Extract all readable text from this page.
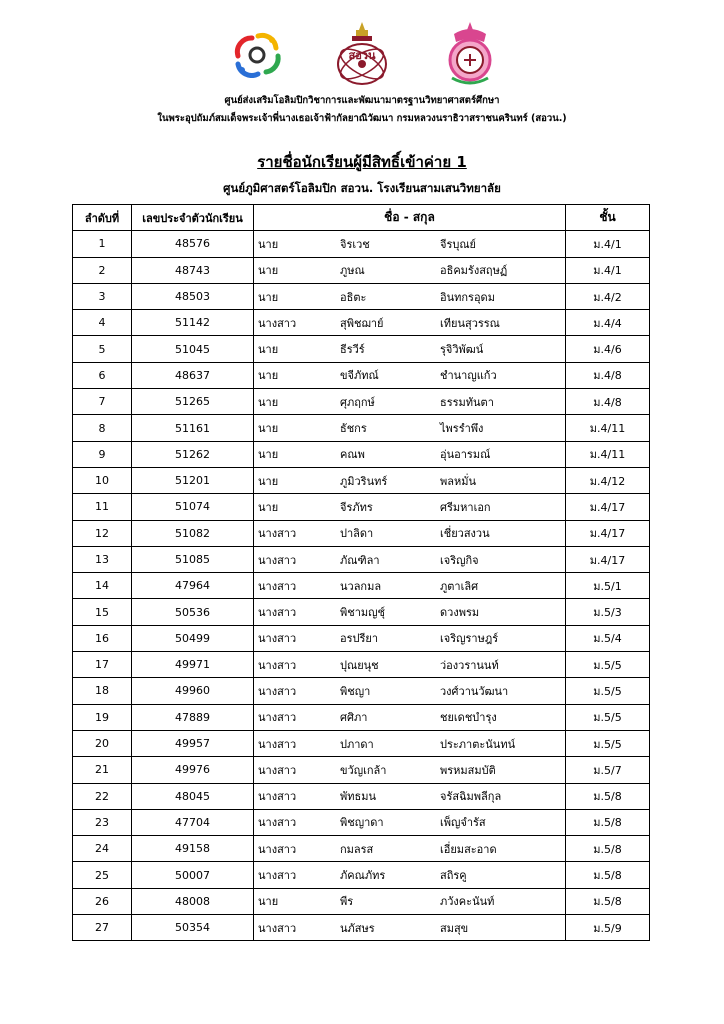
สอวน
ศูนย์ส่งเสริมโอลิมปิกวิชาการและพัฒนามาตรฐานวิทยาศาสตร์ศึกษา
ในพระอุปถัมภ์สมเด็จพระเจ้าพี่นางเธอเจ้าฟ้ากัลยาณิวัฒนา กรมหลวงนราธิวาสราชนครินทร์ (สอวน.)
รายชื่อนักเรียนผู้มีสิทธิ์เข้าค่าย 1
ศูนย์ภูมิศาสตร์โอลิมปิก สอวน. โรงเรียนสามเสนวิทยาลัย
ลำดับที่	เลขประจำตัวนักเรียน	ชื่อ - สกุล	ชั้น
1	48576	นาย จิรเวช จีรบุณย์	ม.4/1
2	48743	นาย ภูษณ อธิคมรังสฤษฏ์	ม.4/1
3	48503	นาย อธิตะ อินทกรอุดม	ม.4/2
4	51142	นางสาว สุพิชฌาย์ เทียนสุวรรณ	ม.4/4
5	51045	นาย ธีรวีร์ รุจิวิพัฒน์	ม.4/6
6	48637	นาย ขจีภัทณ์ ชำนาญแก้ว	ม.4/8
7	51265	นาย ศุภฤกษ์ ธรรมทันตา	ม.4/8
8	51161	นาย ธัชกร ไพรรำพึง	ม.4/11
9	51262	นาย คณพ อุ่นอารมณ์	ม.4/11
10	51201	นาย ภูมิวรินทร์ พลหมั่น	ม.4/12
11	51074	นาย จีรภัทร ศรีมหาเอก	ม.4/17
12	51082	นางสาว ปาลิดา เชี่ยวสงวน	ม.4/17
13	51085	นางสาว ภัณฑิลา เจริญกิจ	ม.4/17
14	47964	นางสาว นวลกมล ภูตาเลิศ	ม.5/1
15	50536	นางสาว พิชามญชุ์ ดวงพรม	ม.5/3
16	50499	นางสาว อรปรียา เจริญราษฎร์	ม.5/4
17	49971	นางสาว ปุณยนุช ว่องวรานนท์	ม.5/5
18	49960	นางสาว พิชญา วงศ์วานวัฒนา	ม.5/5
19	47889	นางสาว ศศิภา ชยเดชบำรุง	ม.5/5
20	49957	นางสาว ปภาดา ประภาตะนันทน์	ม.5/5
21	49976	นางสาว ขวัญเกล้า พรหมสมบัติ	ม.5/7
22	48045	นางสาว พัทธมน จรัสฉิมพลีกุล	ม.5/8
23	47704	นางสาว พิชญาดา เพ็ญจำรัส	ม.5/8
24	49158	นางสาว กมลรส เอี่ยมสะอาด	ม.5/8
25	50007	นางสาว ภัคณภัทร สถิรคู	ม.5/8
26	48008	นาย พีร ภวังคะนันท์	ม.5/8
27	50354	นางสาว นภัสษร สมสุข	ม.5/9
